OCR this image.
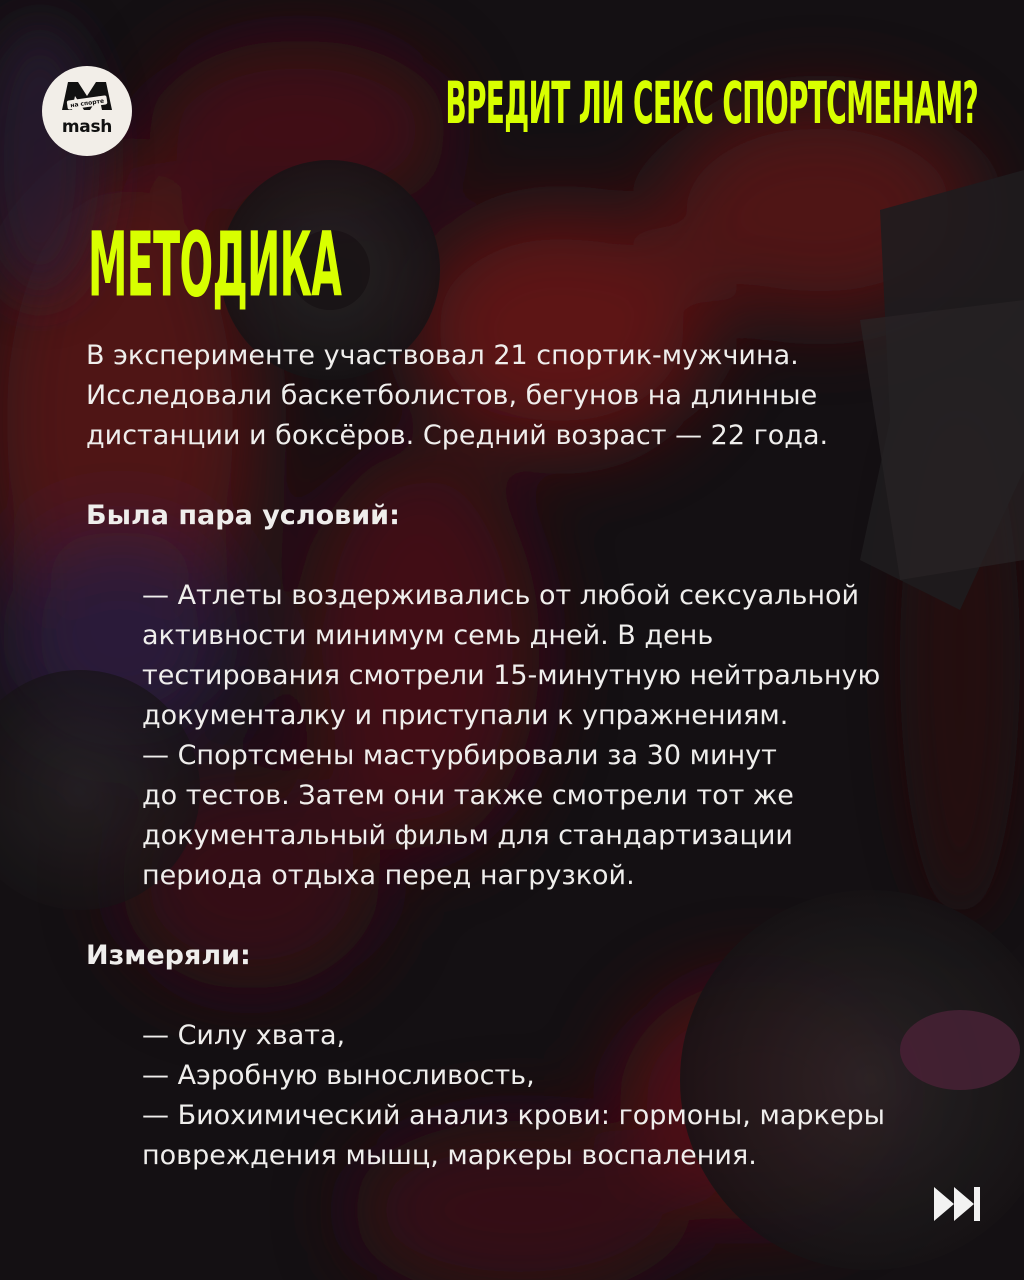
на спорте
mash	ВРЕДИТ ЛИ СЕКС СПОРТСМЕНАМ?
МЕТОДИКА

В эксперименте участвовал 21 спортик-мужчина.

Исследовали баскетболистов, бегунов на длинные

дистанции и боксёров. Средний возраст — 22 года.

Была пара условий:

— Атлеты воздерживались от любой сексуальной

активности минимум семь дней. В день

тестирования смотрели 15-минутную нейтральную

документалку и приступали к упражнениям.

— Спортсмены мастурбировали за 30 минут

до тестов. Затем они также смотрели тот же

документальный фильм для стандартизации

периода отдыха перед нагрузкой.

Измеряли:

— Силу хвата,

— Аэробную выносливость,

— Биохимический анализ крови: гормоны, маркеры

повреждения мышц, маркеры воспаления.
